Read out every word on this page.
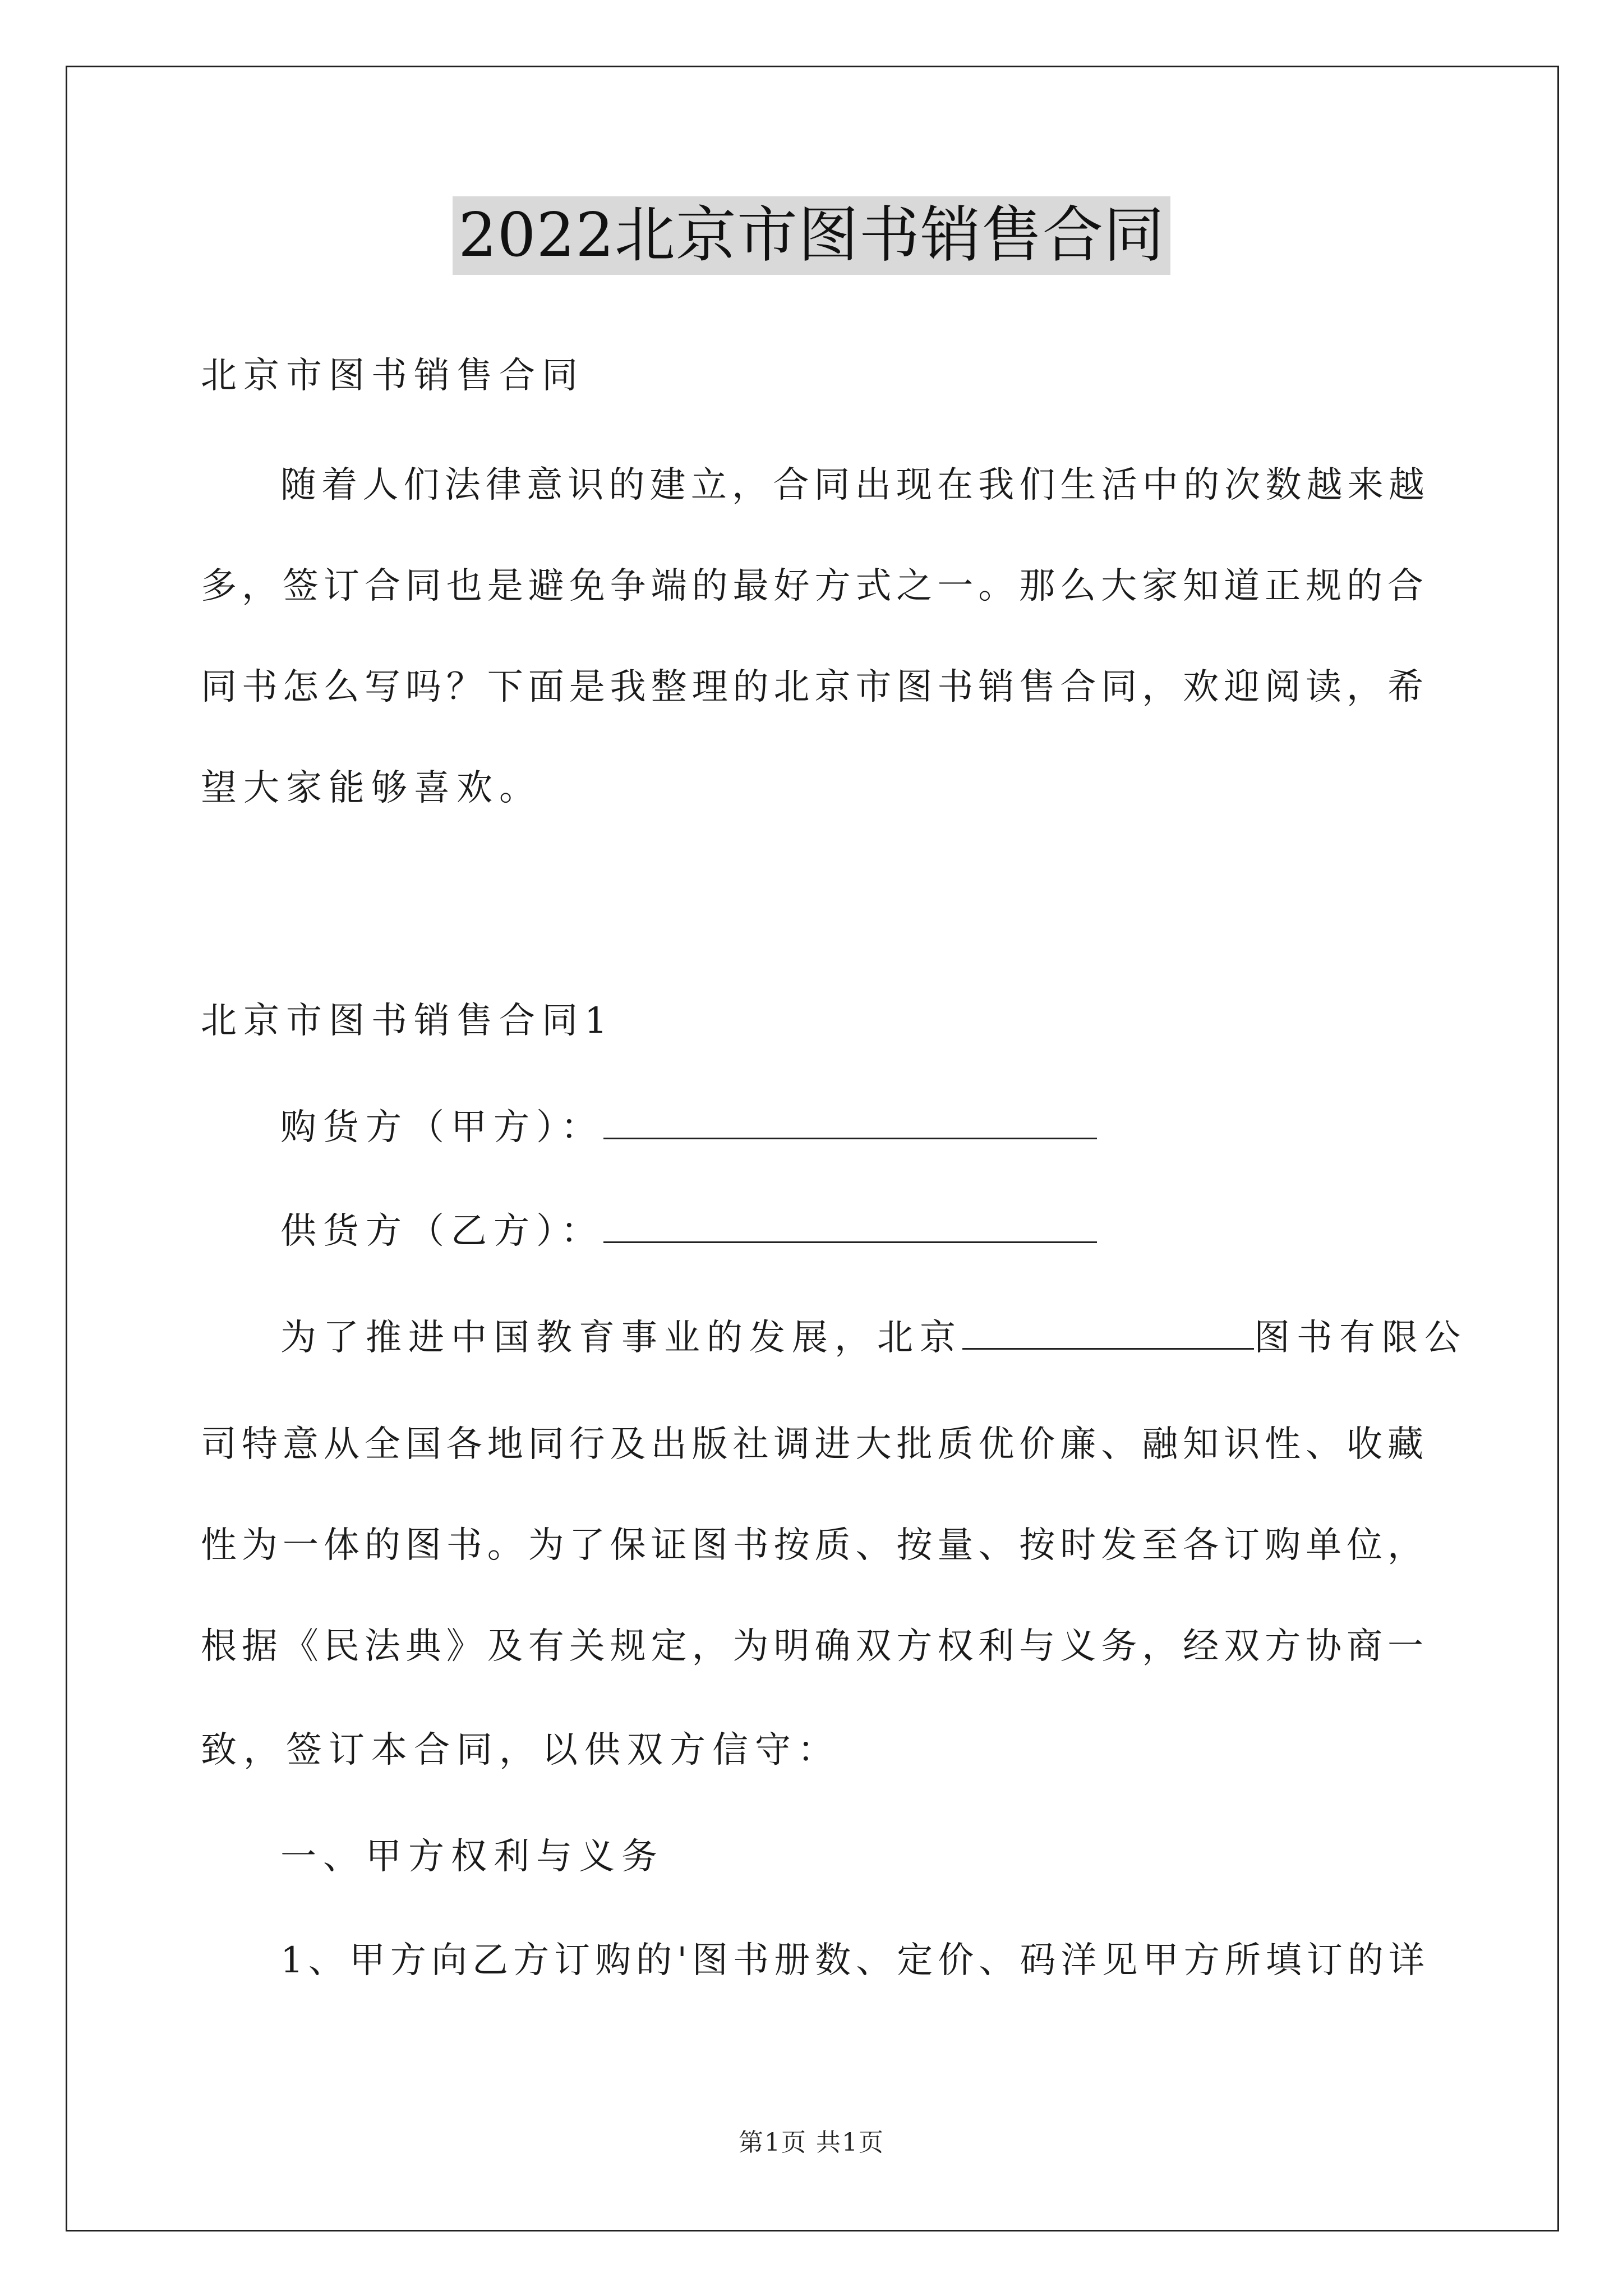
2022北京市图书销售合同
北京市图书销售合同
随着人们法律意识的建立，合同出现在我们生活中的次数越来越
多，签订合同也是避免争端的最好方式之一。那么大家知道正规的合
同书怎么写吗？下面是我整理的北京市图书销售合同，欢迎阅读，希
望大家能够喜欢。
北京市图书销售合同1
购货方（甲方）：
供货方（乙方）：
为了推进中国教育事业的发展，北京	图书有限公
司特意从全国各地同行及出版社调进大批质优价廉、融知识性、收藏
性为一体的图书。为了保证图书按质、按量、按时发至各订购单位，
根据《民法典》及有关规定，为明确双方权利与义务，经双方协商一
致，签订本合同，以供双方信守：
一、甲方权利与义务
1、甲方向乙方订购的'图书册数、定价、码洋见甲方所填订的详
第1页 共1页
